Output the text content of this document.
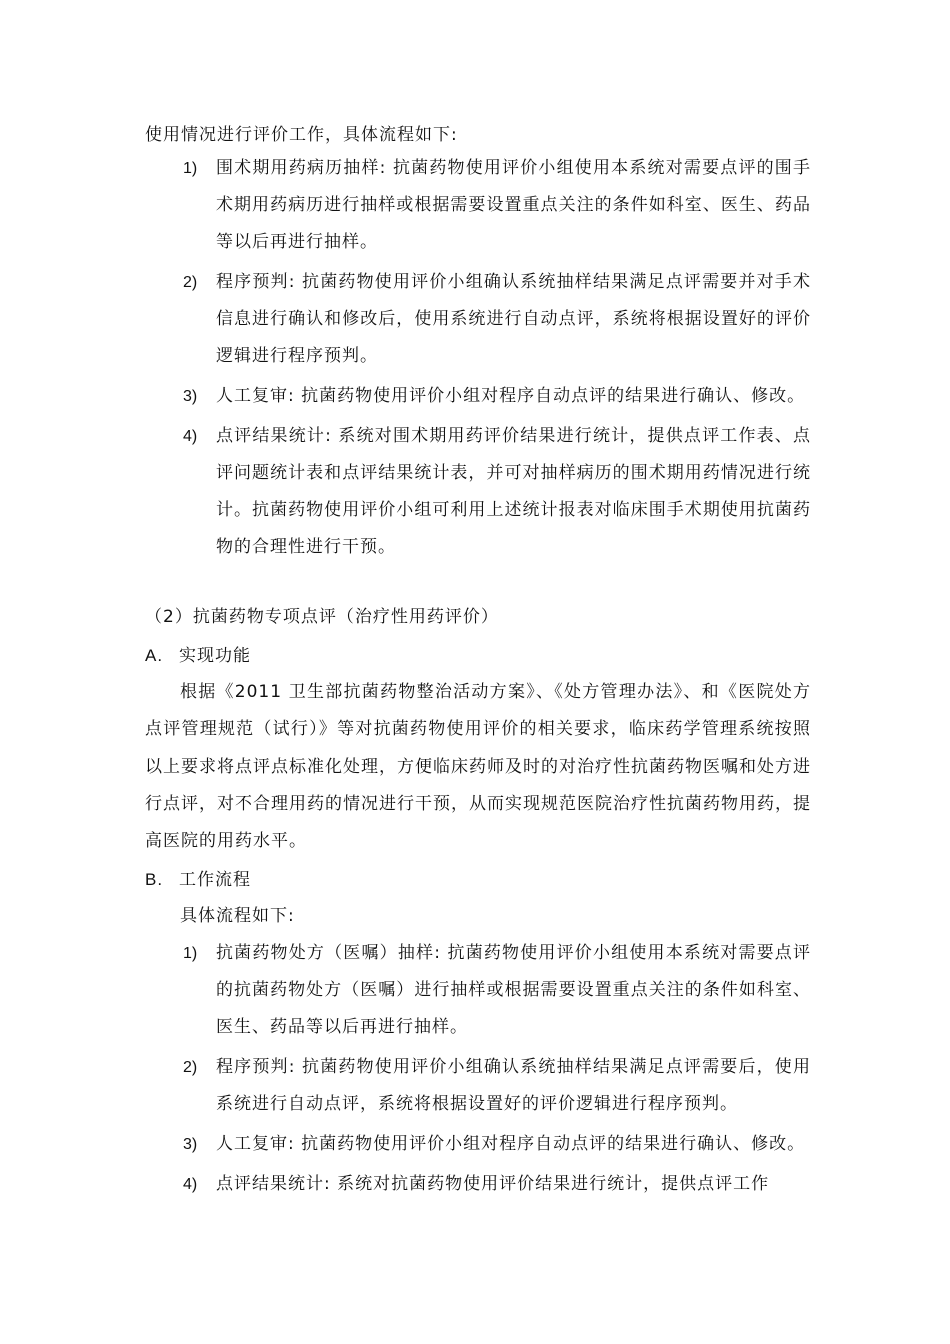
使用情况进行评价工作，具体流程如下:

1) 围术期用药病历抽样: 抗菌药物使用评价小组使用本系统对需要点评的围手术期用药病历进行抽样或根据需要设置重点关注的条件如科室、医生、药品等以后再进行抽样。
2) 程序预判: 抗菌药物使用评价小组确认系统抽样结果满足点评需要并对手术信息进行确认和修改后，使用系统进行自动点评，系统将根据设置好的评价逻辑进行程序预判。
3) 人工复审: 抗菌药物使用评价小组对程序自动点评的结果进行确认、修改。
4) 点评结果统计: 系统对围术期用药评价结果进行统计，提供点评工作表、点评问题统计表和点评结果统计表，并可对抽样病历的围术期用药情况进行统计。抗菌药物使用评价小组可利用上述统计报表对临床围手术期使用抗菌药物的合理性进行干预。

（2）抗菌药物专项点评（治疗性用药评价）

A. 实现功能

根据《2011 卫生部抗菌药物整治活动方案》、《处方管理办法》、和《医院处方点评管理规范（试行）》等对抗菌药物使用评价的相关要求，临床药学管理系统按照以上要求将点评点标准化处理，方便临床药师及时的对治疗性抗菌药物医嘱和处方进行点评，对不合理用药的情况进行干预，从而实现规范医院治疗性抗菌药物用药，提高医院的用药水平。

B. 工作流程

具体流程如下:

1) 抗菌药物处方（医嘱）抽样: 抗菌药物使用评价小组使用本系统对需要点评的抗菌药物处方（医嘱）进行抽样或根据需要设置重点关注的条件如科室、医生、药品等以后再进行抽样。
2) 程序预判: 抗菌药物使用评价小组确认系统抽样结果满足点评需要后，使用系统进行自动点评，系统将根据设置好的评价逻辑进行程序预判。
3) 人工复审: 抗菌药物使用评价小组对程序自动点评的结果进行确认、修改。
4) 点评结果统计: 系统对抗菌药物使用评价结果进行统计，提供点评工作
